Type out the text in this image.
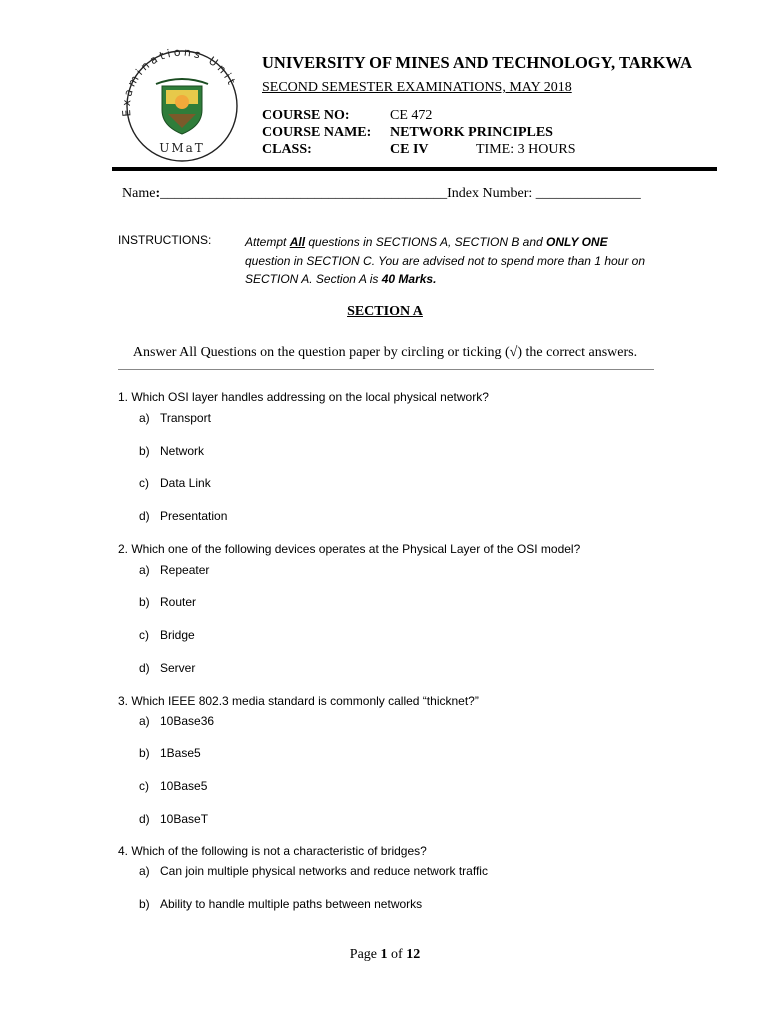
Examinations Unit
UMaT
UNIVERSITY OF MINES AND TECHNOLOGY, TARKWA
SECOND SEMESTER EXAMINATIONS, MAY 2018
COURSE NO:	CE 472
COURSE NAME: NETWORK PRINCIPLES
CLASS:	CE IV	TIME: 3 HOURS
Name:_________________________________________Index Number: _______________
INSTRUCTIONS:	Attempt All questions in SECTIONS A, SECTION B and ONLY ONE question in SECTION C. You are advised not to spend more than 1 hour on SECTION A. Section A is 40 Marks.
SECTION A
Answer All Questions on the question paper by circling or ticking (√) the correct answers.
1. Which OSI layer handles addressing on the local physical network?
a) Transport
b) Network
c) Data Link
d) Presentation
2. Which one of the following devices operates at the Physical Layer of the OSI model?
a) Repeater
b) Router
c) Bridge
d) Server
3. Which IEEE 802.3 media standard is commonly called “thicknet?”
a) 10Base36
b) 1Base5
c) 10Base5
d) 10BaseT
4. Which of the following is not a characteristic of bridges?
a) Can join multiple physical networks and reduce network traffic
b) Ability to handle multiple paths between networks
Page 1 of 12
